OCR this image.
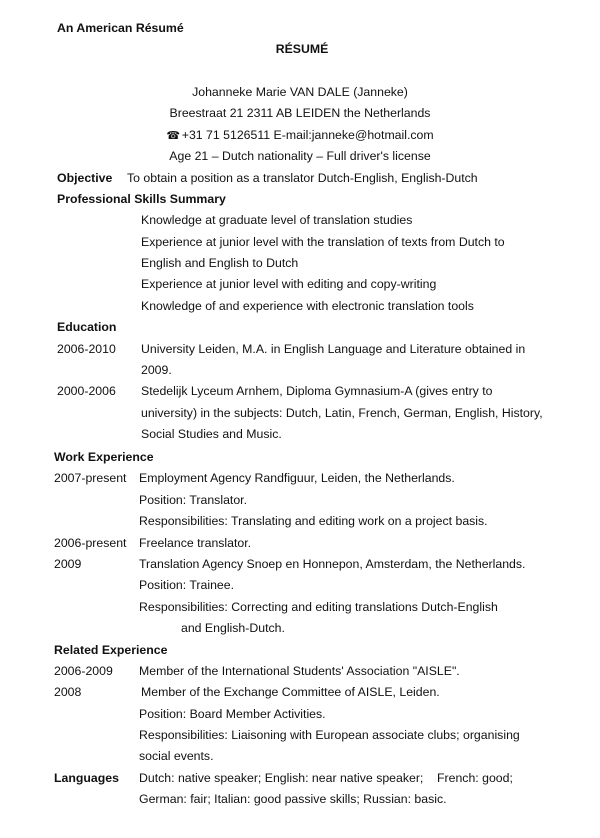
An American Résumé
RÉSUMÉ
Johanneke Marie VAN DALE (Janneke)
Breestraat 21 2311 AB LEIDEN the Netherlands
☎ +31 71 5126511 E-mail:janneke@hotmail.com
Age 21 – Dutch nationality – Full driver's license
Objective To obtain a position as a translator Dutch-English, English-Dutch
Professional Skills Summary
Knowledge at graduate level of translation studies
Experience at junior level with the translation of texts from Dutch to
English and English to Dutch
Experience at junior level with editing and copy-writing
Knowledge of and experience with electronic translation tools
Education
2006-2010 University Leiden, M.A. in English Language and Literature obtained in
2009.
2000-2006 Stedelijk Lyceum Arnhem, Diploma Gymnasium-A (gives entry to
university) in the subjects: Dutch, Latin, French, German, English, History,
Social Studies and Music.
Work Experience
2007-present Employment Agency Randfiguur, Leiden, the Netherlands.
Position: Translator.
Responsibilities: Translating and editing work on a project basis.
2006-present Freelance translator.
2009	Translation Agency Snoep en Honnepon, Amsterdam, the Netherlands.
Position: Trainee.
Responsibilities: Correcting and editing translations Dutch-English
and English-Dutch.
Related Experience
2006-2009 Member of the International Students' Association "AISLE".
2008	Member of the Exchange Committee of AISLE, Leiden.
Position: Board Member Activities.
Responsibilities: Liaisoning with European associate clubs; organising
social events.
Languages Dutch: native speaker; English: near native speaker;    French: good;
German: fair; Italian: good passive skills; Russian: basic.
